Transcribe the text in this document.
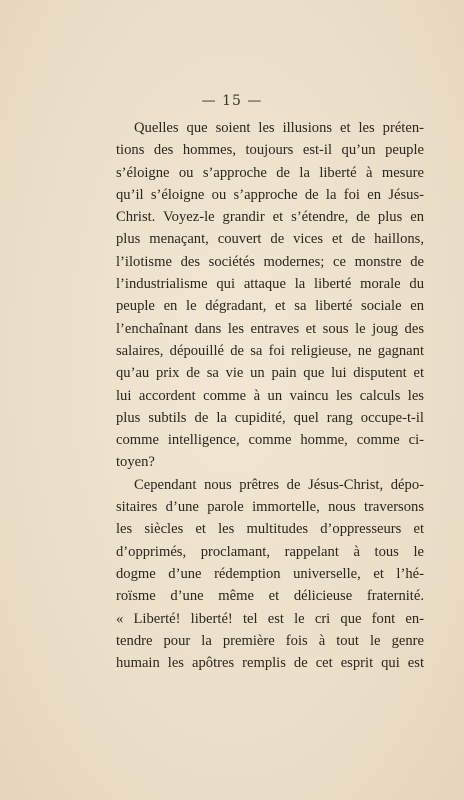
— 15 —
Quelles que soient les illusions et les préten-
tions des hommes, toujours est-il qu’un peuple
s’éloigne ou s’approche de la liberté à mesure
qu’il s’éloigne ou s’approche de la foi en Jésus-
Christ. Voyez-le grandir et s’étendre, de plus en
plus menaçant, couvert de vices et de haillons,
l’ilotisme des sociétés modernes; ce monstre de
l’industrialisme qui attaque la liberté morale du
peuple en le dégradant, et sa liberté sociale en
l’enchaînant dans les entraves et sous le joug des
salaires, dépouillé de sa foi religieuse, ne gagnant
qu’au prix de sa vie un pain que lui disputent et
lui accordent comme à un vaincu les calculs les
plus subtils de la cupidité, quel rang occupe-t-il
comme intelligence, comme homme, comme ci-
toyen?
Cependant nous prêtres de Jésus-Christ, dépo-
sitaires d’une parole immortelle, nous traversons
les siècles et les multitudes d’oppresseurs et
d’opprimés, proclamant, rappelant à tous le
dogme d’une rédemption universelle, et l’hé-
roïsme d’une même et délicieuse fraternité.
« Liberté! liberté! tel est le cri que font en-
tendre pour la première fois à tout le genre
humain les apôtres remplis de cet esprit qui est
